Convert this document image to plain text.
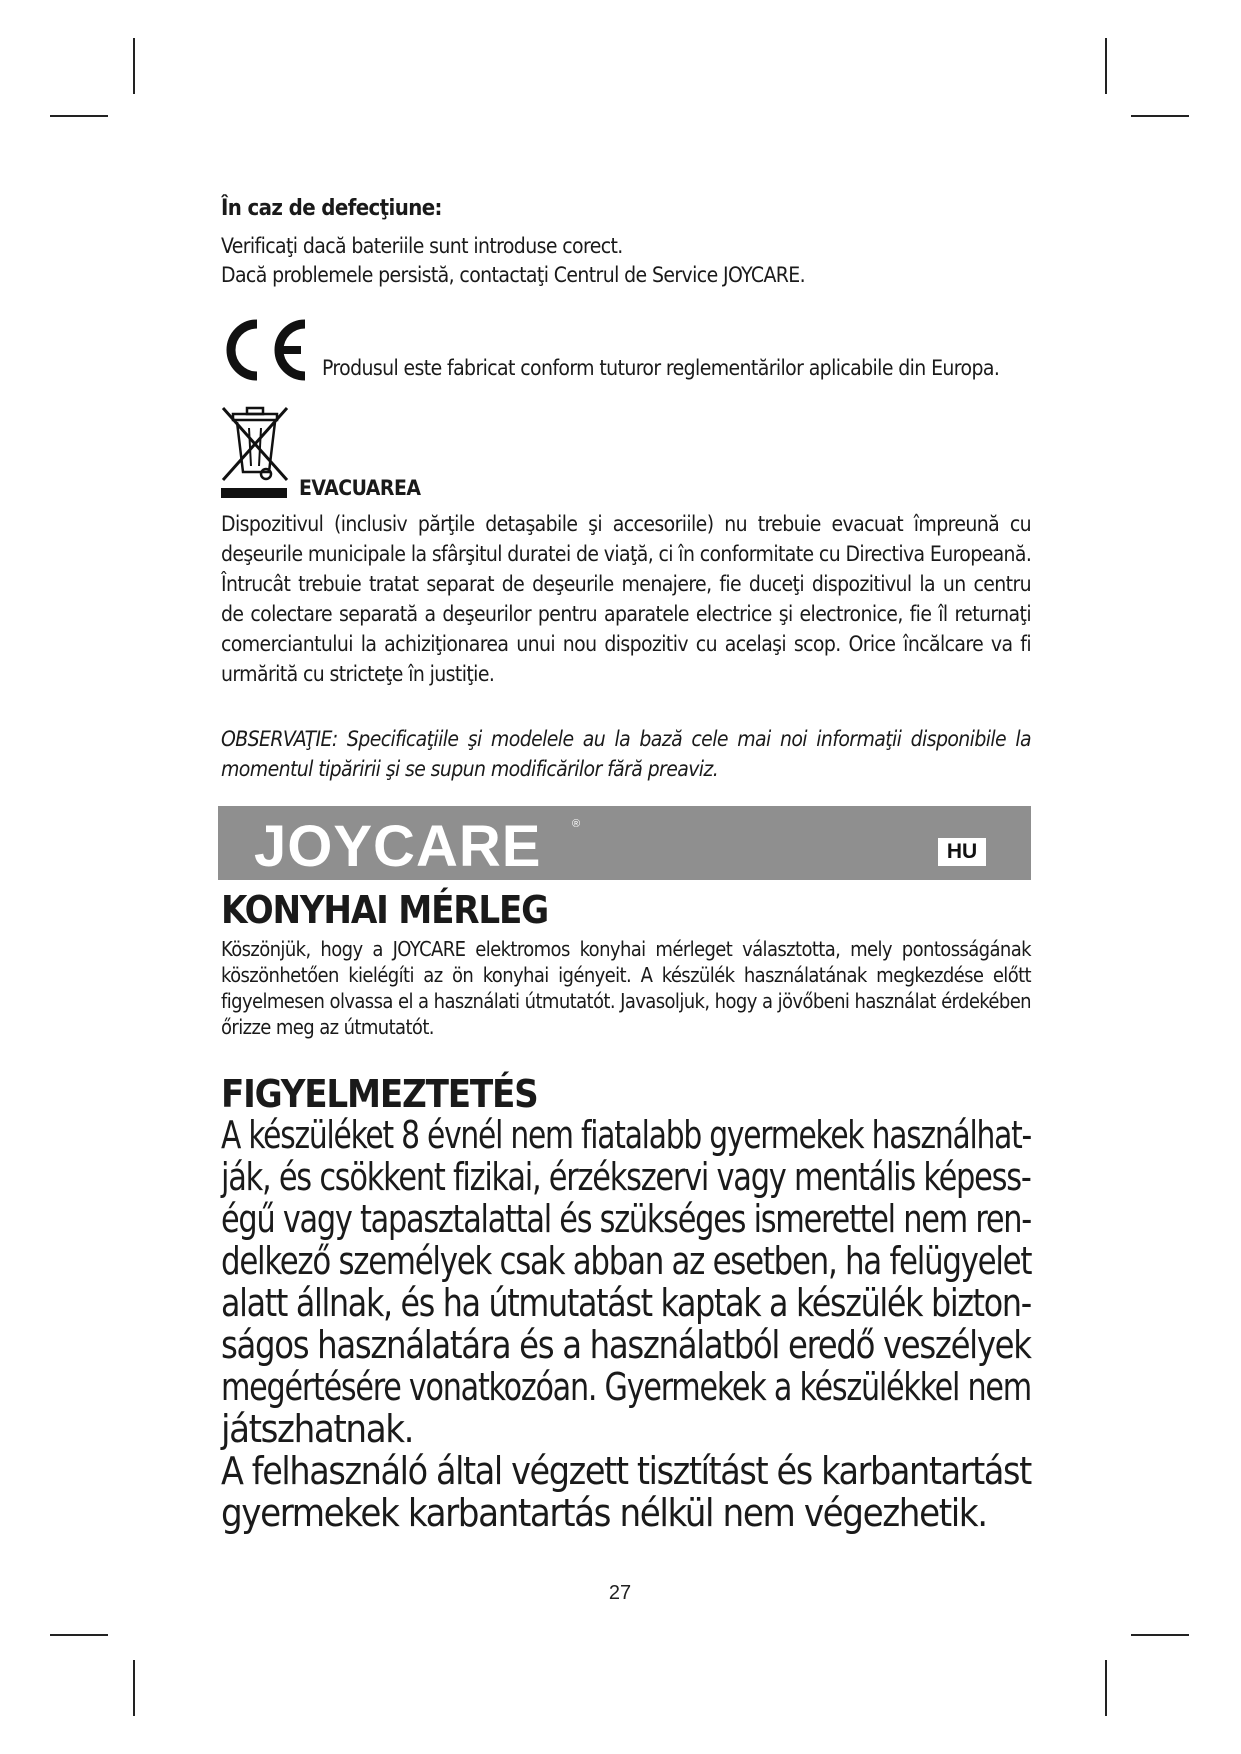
În caz de defecţiune:
Verificaţi dacă bateriile sunt introduse corect.
Dacă problemele persistă, contactaţi Centrul de Service JOYCARE.
Produsul este fabricat conform tuturor reglementărilor aplicabile din Europa.
EVACUAREA
Dispozitivul (inclusiv părţile detaşabile şi accesoriile) nu trebuie evacuat împreună cu
deşeurile municipale la sfârşitul duratei de viaţă, ci în conformitate cu Directiva Europeană.
Întrucât trebuie tratat separat de deşeurile menajere, fie duceţi dispozitivul la un centru
de colectare separată a deşeurilor pentru aparatele electrice şi electronice, fie îl returnaţi
comerciantului la achiziţionarea unui nou dispozitiv cu acelaşi scop. Orice încălcare va fi
urmărită cu stricteţe în justiţie.
OBSERVAŢIE: Specificaţiile şi modelele au la bază cele mai noi informaţii disponibile la
momentul tipăririi şi se supun modificărilor fără preaviz.
JOYCARE	®
HU
KONYHAI MÉRLEG
Köszönjük, hogy a JOYCARE elektromos konyhai mérleget választotta, mely pontosságának
köszönhetően kielégíti az ön konyhai igényeit. A készülék használatának megkezdése előtt
figyelmesen olvassa el a használati útmutatót. Javasoljuk, hogy a jövőbeni használat érdekében
őrizze meg az útmutatót.
FIGYELMEZTETÉS
A készüléket 8 évnél nem fiatalabb gyermekek használhat-
ják, és csökkent fizikai, érzékszervi vagy mentális képess-
égű vagy tapasztalattal és szükséges ismerettel nem ren-
delkező személyek csak abban az esetben, ha felügyelet
alatt állnak, és ha útmutatást kaptak a készülék bizton-
ságos használatára és a használatból eredő veszélyek
megértésére vonatkozóan. Gyermekek a készülékkel nem
játszhatnak.
A felhasználó által végzett tisztítást és karbantartást
gyermekek karbantartás nélkül nem végezhetik.
27
